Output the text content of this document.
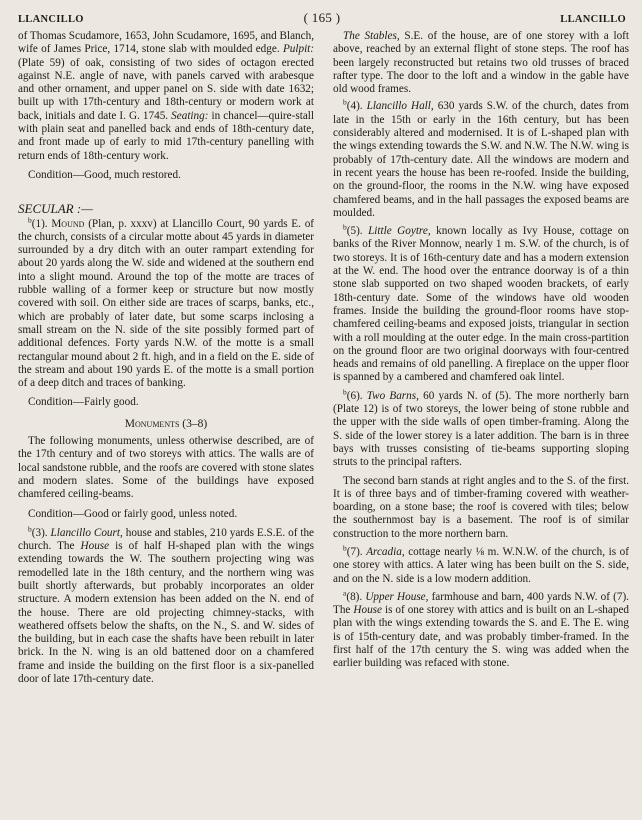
LLANCILLO	( 165 )	LLANCILLO

of Thomas Scudamore, 1653, John Scudamore, 1695, and Blanch, wife of James Price, 1714, stone slab with moulded edge. Pulpit: (Plate 59) of oak, consisting of two sides of octagon erected against N.E. angle of nave, with panels carved with arabesque and other ornament, and upper panel on S. side with date 1632; built up with 17th-century and 18th-century or modern work at back, initials and date I. G. 1745. Seating: in chancel—quire-stall with plain seat and panelled back and ends of 18th-century date, and front made up of early to mid 17th-century panelling with return ends of 18th-century work.

Condition—Good, much restored.

SECULAR :—

$^b$(1). Mound (Plan, p. xxxv) at Llancillo Court, 90 yards E. of the church, consists of a circular motte about 45 yards in diameter surrounded by a dry ditch with an outer rampart extending for about 20 yards along the W. side and widened at the southern end into a slight mound. Around the top of the motte are traces of rubble walling of a former keep or structure but now mostly covered with soil. On either side are traces of scarps, banks, etc., which are probably of later date, but some scarps inclosing a small stream on the N. side of the site possibly formed part of additional defences. Forty yards N.W. of the motte is a small rectangular mound about 2 ft. high, and in a field on the E. side of the stream and about 190 yards E. of the motte is a small portion of a deep ditch and traces of banking.

Condition—Fairly good.

Monuments (3–8)

The following monuments, unless otherwise described, are of the 17th century and of two storeys with attics. The walls are of local sandstone rubble, and the roofs are covered with stone slates and modern slates. Some of the buildings have exposed chamfered ceiling-beams.

Condition—Good or fairly good, unless noted.

$^b$(3). Llancillo Court, house and stables, 210 yards E.S.E. of the church. The House is of half H-shaped plan with the wings extending towards the W. The southern projecting wing was remodelled late in the 18th century, and the northern wing was built shortly afterwards, but probably incorporates an older structure. A modern extension has been added on the N. end of the house. There are old projecting chimney-stacks, with weathered offsets below the shafts, on the N., S. and W. sides of the building, but in each case the shafts have been rebuilt in later brick. In the N. wing is an old battened door on a chamfered frame and inside the building on the first floor is a six-panelled door of late 17th-century date.

The Stables, S.E. of the house, are of one storey with a loft above, reached by an external flight of stone steps. The roof has been largely reconstructed but retains two old trusses of braced rafter type. The door to the loft and a window in the gable have old wood frames.

$^b$(4). Llancillo Hall, 630 yards S.W. of the church, dates from late in the 15th or early in the 16th century, but has been considerably altered and modernised. It is of L-shaped plan with the wings extending towards the S.W. and N.W. The N.W. wing is probably of 17th-century date. All the windows are modern and in recent years the house has been re-roofed. Inside the building, on the ground-floor, the rooms in the N.W. wing have exposed chamfered beams, and in the hall passages the exposed beams are moulded.

$^b$(5). Little Goytre, known locally as Ivy House, cottage on banks of the River Monnow, nearly 1 m. S.W. of the church, is of two storeys. It is of 16th-century date and has a modern extension at the W. end. The hood over the entrance doorway is of a thin stone slab supported on two shaped wooden brackets, of early 18th-century date. Some of the windows have old wooden frames. Inside the building the ground-floor rooms have stop-chamfered ceiling-beams and exposed joists, triangular in section with a roll moulding at the outer edge. In the main cross-partition on the ground floor are two original doorways with four-centred heads and remains of old panelling. A fireplace on the upper floor is spanned by a cambered and chamfered oak lintel.

$^b$(6). Two Barns, 60 yards N. of (5). The more northerly barn (Plate 12) is of two storeys, the lower being of stone rubble and the upper with the side walls of open timber-framing. Along the S. side of the lower storey is a later addition. The barn is in three bays with trusses consisting of tie-beams supporting sloping struts to the principal rafters.

The second barn stands at right angles and to the S. of the first. It is of three bays and of timber-framing covered with weather-boarding, on a stone base; the roof is covered with tiles; below the southernmost bay is a basement. The roof is of similar construction to the more northern barn.

$^b$(7). Arcadia, cottage nearly ⅛ m. W.N.W. of the church, is of one storey with attics. A later wing has been built on the S. side, and on the N. side is a low modern addition.

$^a$(8). Upper House, farmhouse and barn, 400 yards N.W. of (7). The House is of one storey with attics and is built on an L-shaped plan with the wings extending towards the S. and E. The E. wing is of 15th-century date, and was probably timber-framed. In the first half of the 17th century the S. wing was added when the earlier building was refaced with stone.
